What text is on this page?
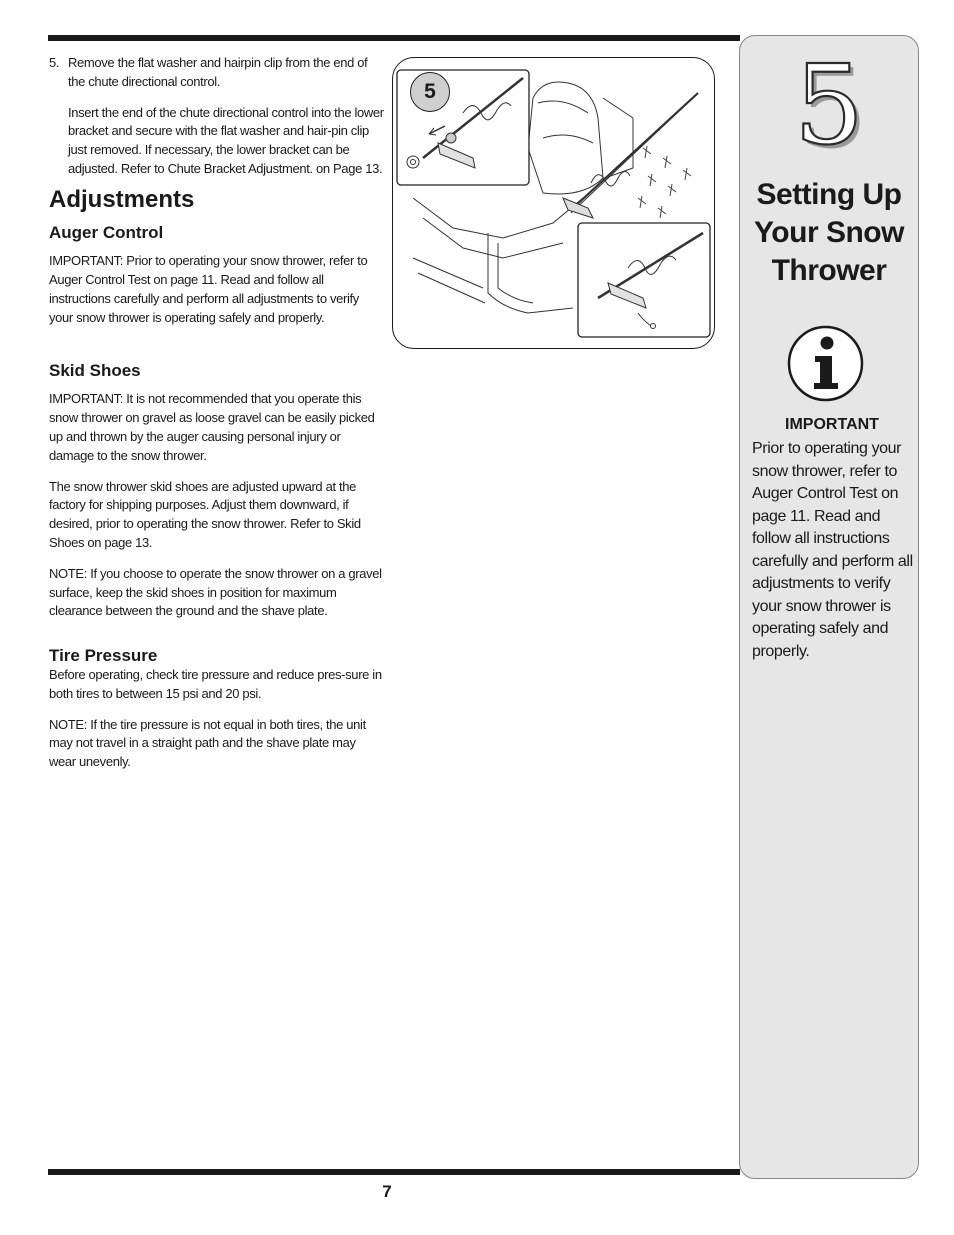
5. Remove the flat washer and hairpin clip from the end of the chute directional control.

Insert the end of the chute directional control into the lower bracket and secure with the flat washer and hair-pin clip just removed. If necessary, the lower bracket can be adjusted. Refer to Chute Bracket Adjustment. on Page 13.

Adjustments
Auger Control

IMPORTANT: Prior to operating your snow thrower, refer to Auger Control Test on page 11. Read and follow all instructions carefully and perform all adjustments to verify your snow thrower is operating safely and properly.

Skid Shoes

IMPORTANT: It is not recommended that you operate this snow thrower on gravel as loose gravel can be easily picked up and thrown by the auger causing personal injury or damage to the snow thrower.

The snow thrower skid shoes are adjusted upward at the factory for shipping purposes. Adjust them downward, if desired, prior to operating the snow thrower. Refer to Skid Shoes on page 13.

NOTE: If you choose to operate the snow thrower on a gravel surface, keep the skid shoes in position for maximum clearance between the ground and the shave plate.

Tire Pressure

Before operating, check tire pressure and reduce pres-sure in both tires to between 15 psi and 20 psi.

NOTE: If the tire pressure is not equal in both tires, the unit may not travel in a straight path and the shave plate may wear unevenly.

5	5
Setting Up
Your Snow
Thrower
IMPORTANT
Prior to operating your snow thrower, refer to Auger Control Test on page 11. Read and follow all instructions carefully and perform all adjustments to verify your snow thrower is operating safely and properly.
7
